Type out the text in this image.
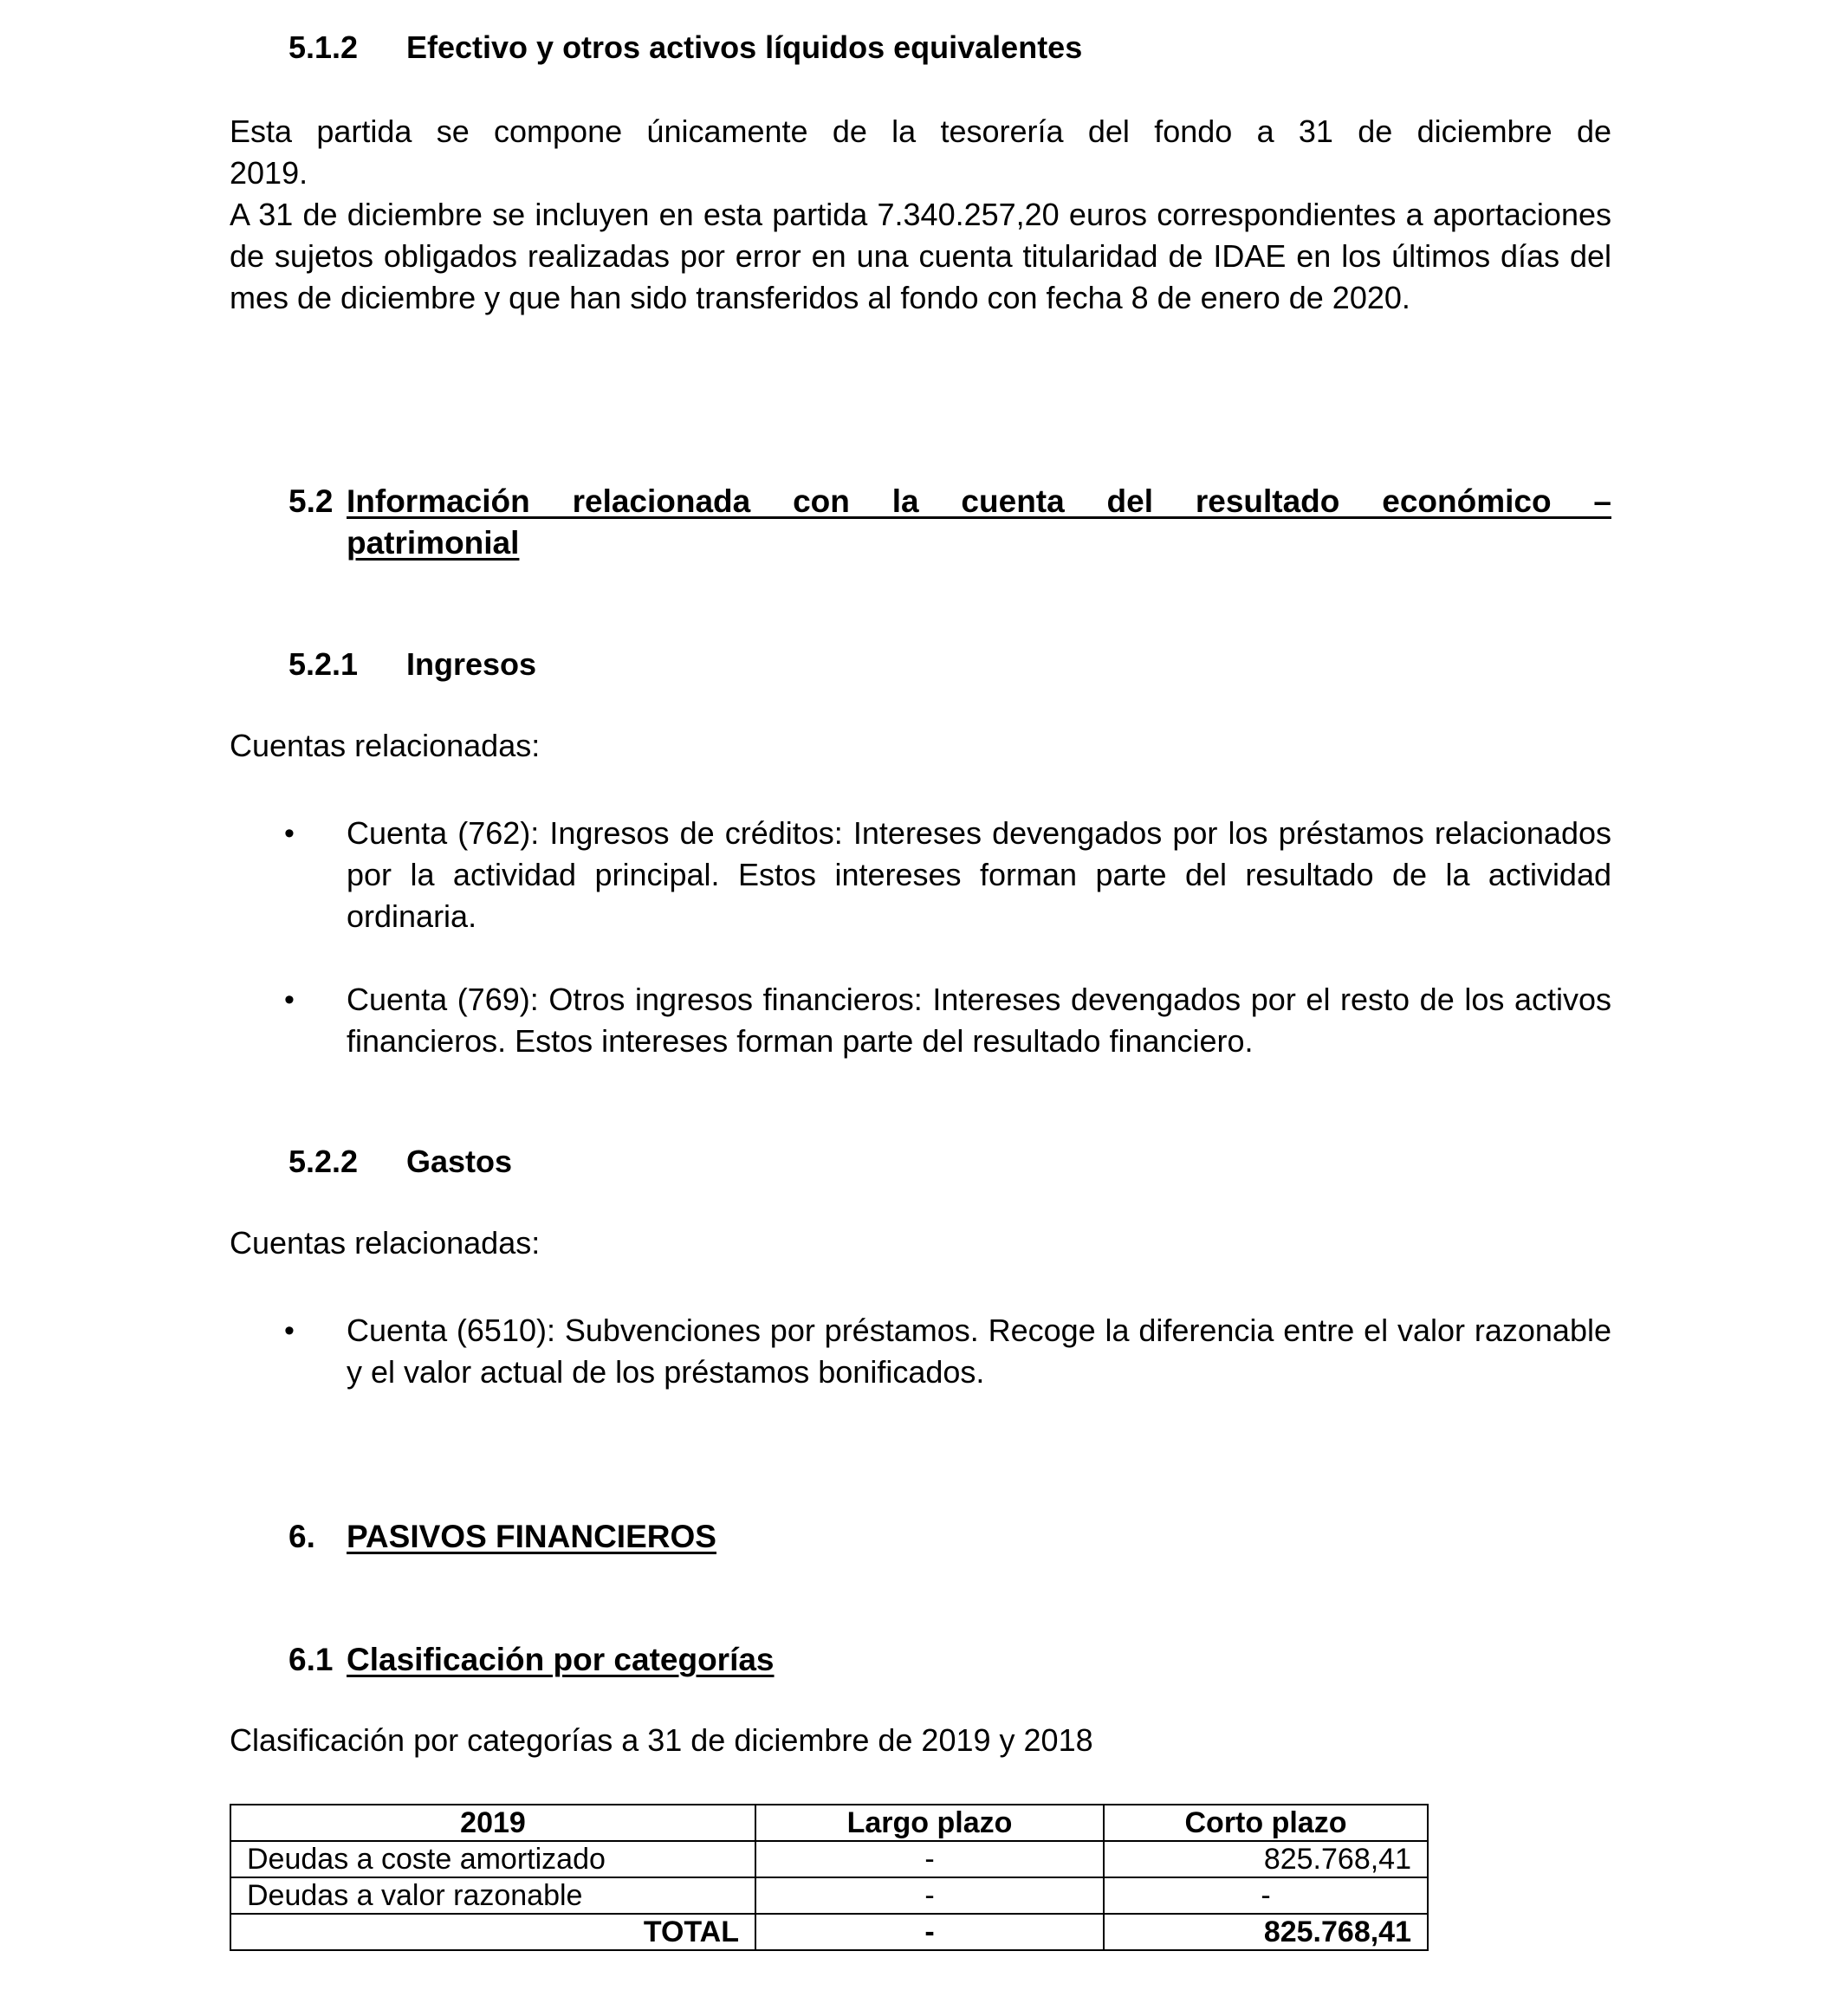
5.1.2 Efectivo y otros activos líquidos equivalentes
Esta partida se compone únicamente de la tesorería del fondo a 31 de diciembre de
2019.
A 31 de diciembre se incluyen en esta partida 7.340.257,20 euros correspondientes a aportaciones de sujetos obligados realizadas por error en una cuenta titularidad de IDAE en los últimos días del mes de diciembre y que han sido transferidos al fondo con fecha 8 de enero de 2020.
5.2 Información relacionada con la cuenta del resultado económico –
patrimonial
5.2.1 Ingresos
Cuentas relacionadas:
• Cuenta (762): Ingresos de créditos: Intereses devengados por los préstamos relacionados por la actividad principal. Estos intereses forman parte del resultado de la actividad ordinaria.
• Cuenta (769): Otros ingresos financieros: Intereses devengados por el resto de los activos financieros. Estos intereses forman parte del resultado financiero.
5.2.2 Gastos
Cuentas relacionadas:
• Cuenta (6510): Subvenciones por préstamos. Recoge la diferencia entre el valor razonable y el valor actual de los préstamos bonificados.
6. PASIVOS FINANCIEROS
6.1 Clasificación por categorías
Clasificación por categorías a 31 de diciembre de 2019 y 2018
2019	Largo plazo	Corto plazo
Deudas a coste amortizado	-	825.768,41
Deudas a valor razonable	-	-
TOTAL	-	825.768,41
